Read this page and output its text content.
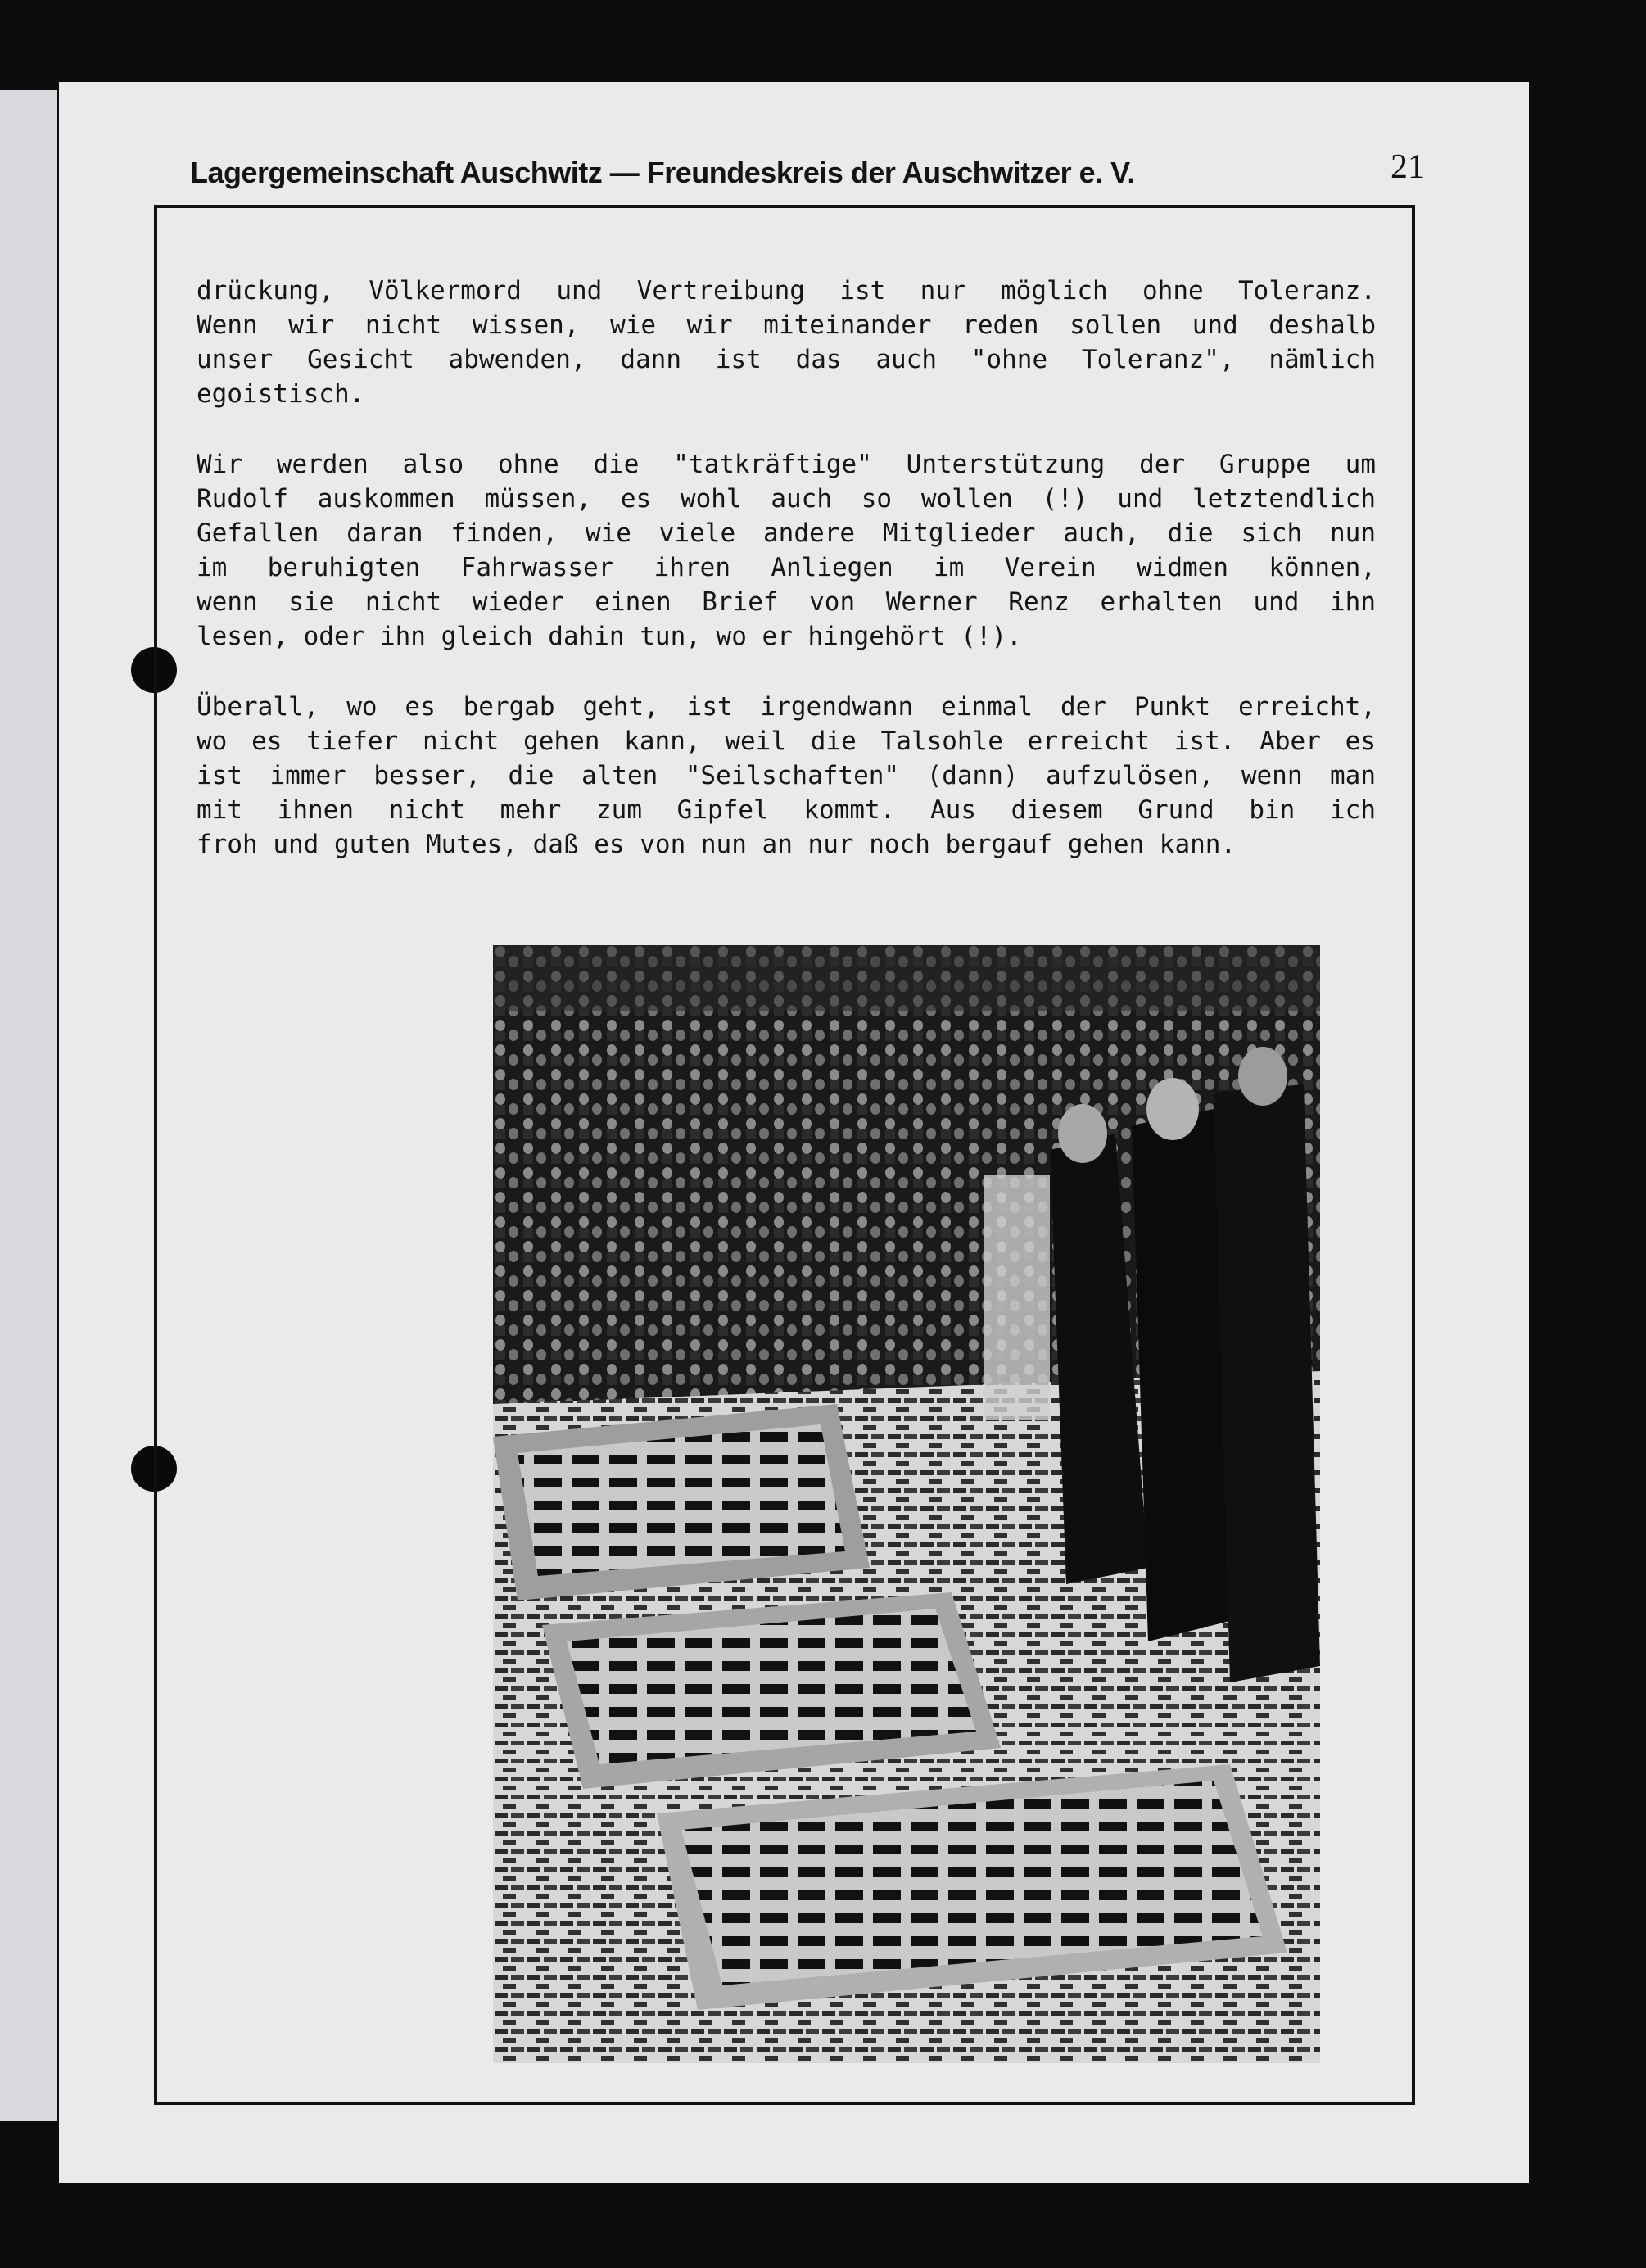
Lagergemeinschaft Auschwitz — Freundeskreis der Auschwitzer e. V.	21
drückung, Völkermord und Vertreibung ist nur möglich ohne Toleranz.
Wenn wir nicht wissen, wie wir miteinander reden sollen und deshalb
unser Gesicht abwenden, dann ist das auch "ohne Toleranz", nämlich
egoistisch.
Wir werden also ohne die "tatkräftige" Unterstützung der Gruppe um
Rudolf auskommen müssen, es wohl auch so wollen (!) und letztendlich
Gefallen daran finden, wie viele andere Mitglieder auch, die sich nun
im beruhigten Fahrwasser ihren Anliegen im Verein widmen können,
wenn sie nicht wieder einen Brief von Werner Renz erhalten und ihn
lesen, oder ihn gleich dahin tun, wo er hingehört (!).
Überall, wo es bergab geht, ist irgendwann einmal der Punkt erreicht,
wo es tiefer nicht gehen kann, weil die Talsohle erreicht ist. Aber es
ist immer besser, die alten "Seilschaften" (dann) aufzulösen, wenn man
mit ihnen nicht mehr zum Gipfel kommt. Aus diesem Grund bin ich
froh und guten Mutes, daß es von nun an nur noch bergauf gehen kann.
